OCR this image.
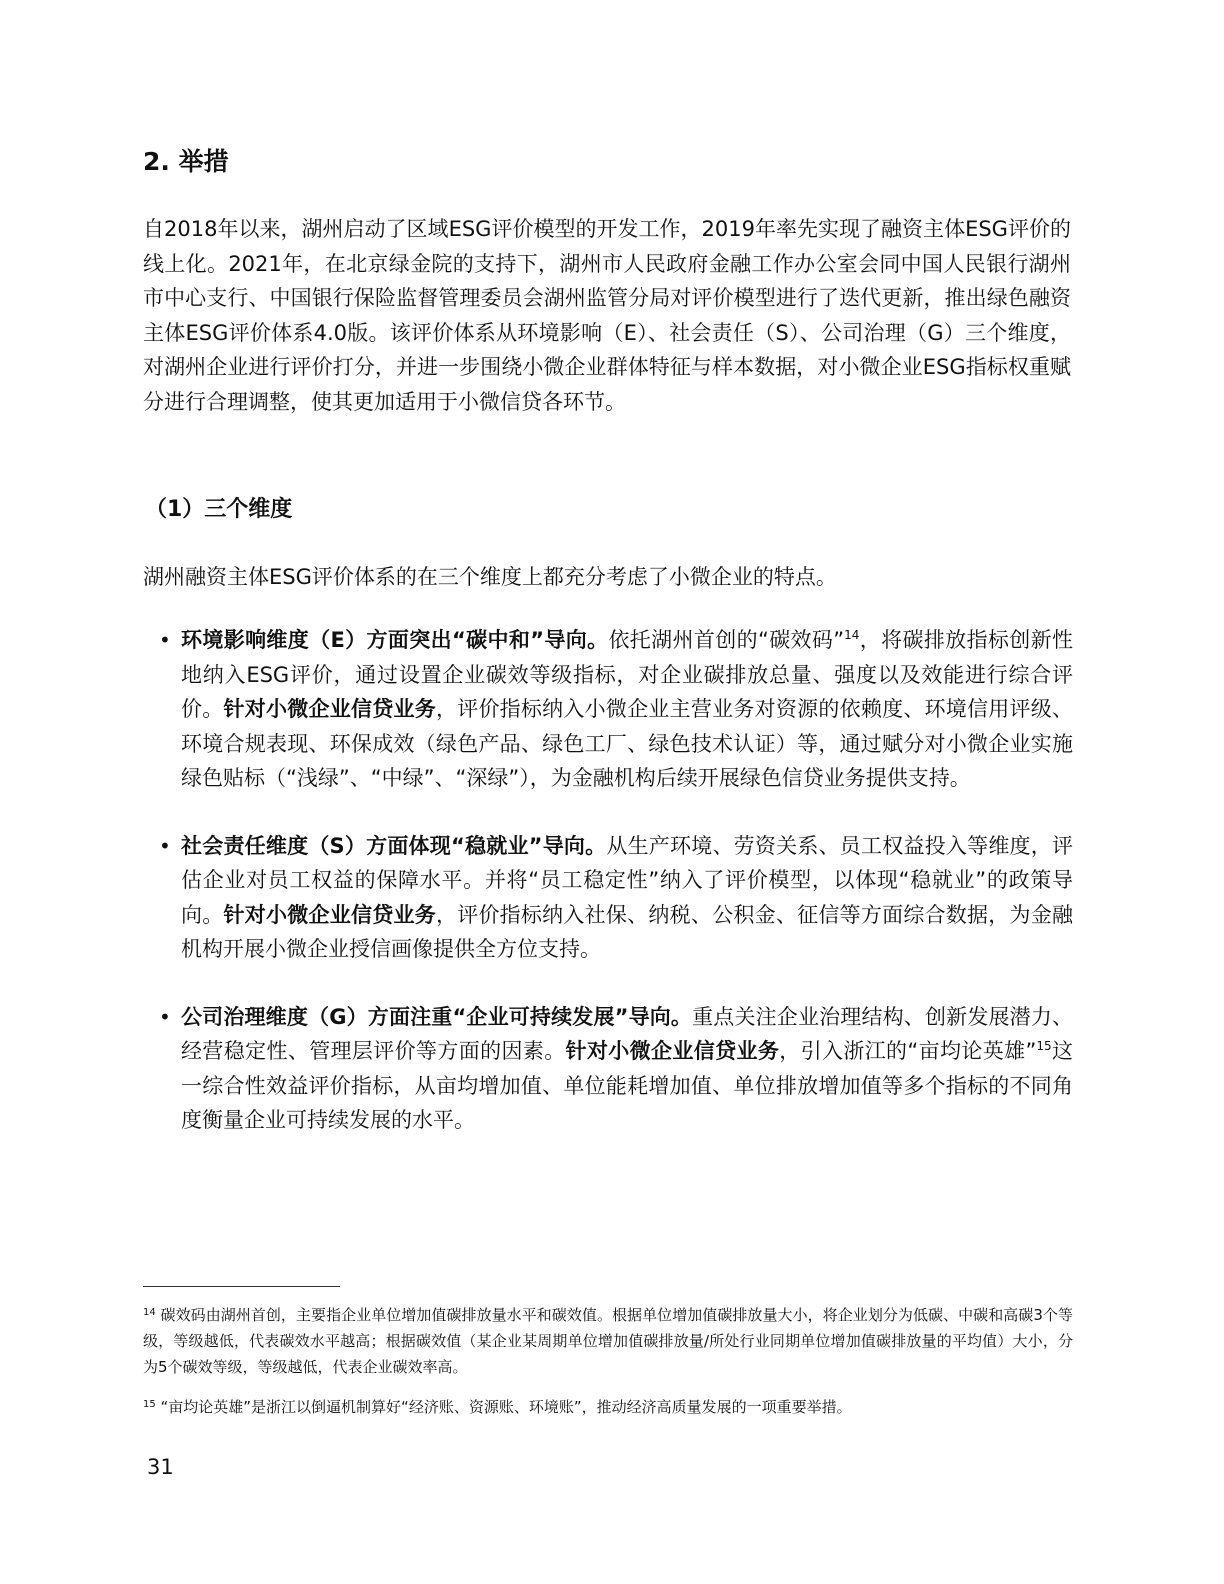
2. 举措

自2018年以来，湖州启动了区域ESG评价模型的开发工作，2019年率先实现了融资主体ESG评价的线上化。2021年，在北京绿金院的支持下，湖州市人民政府金融工作办公室会同中国人民银行湖州市中心支行、中国银行保险监督管理委员会湖州监管分局对评价模型进行了迭代更新，推出绿色融资主体ESG评价体系4.0版。该评价体系从环境影响（E）、社会责任（S）、公司治理（G）三个维度，对湖州企业进行评价打分，并进一步围绕小微企业群体特征与样本数据，对小微企业ESG指标权重赋分进行合理调整，使其更加适用于小微信贷各环节。

（1）三个维度

湖州融资主体ESG评价体系的在三个维度上都充分考虑了小微企业的特点。

• 环境影响维度（E）方面突出“碳中和”导向。依托湖州首创的“碳效码”$^{14}$，将碳排放指标创新性地纳入ESG评价，通过设置企业碳效等级指标，对企业碳排放总量、强度以及效能进行综合评价。针对小微企业信贷业务，评价指标纳入小微企业主营业务对资源的依赖度、环境信用评级、环境合规表现、环保成效（绿色产品、绿色工厂、绿色技术认证）等，通过赋分对小微企业实施绿色贴标（“浅绿”、“中绿”、“深绿”），为金融机构后续开展绿色信贷业务提供支持。
• 社会责任维度（S）方面体现“稳就业”导向。从生产环境、劳资关系、员工权益投入等维度，评估企业对员工权益的保障水平。并将“员工稳定性”纳入了评价模型，以体现“稳就业”的政策导向。针对小微企业信贷业务，评价指标纳入社保、纳税、公积金、征信等方面综合数据，为金融机构开展小微企业授信画像提供全方位支持。
• 公司治理维度（G）方面注重“企业可持续发展”导向。重点关注企业治理结构、创新发展潜力、经营稳定性、管理层评价等方面的因素。针对小微企业信贷业务，引入浙江的“亩均论英雄”$^{15}$这一综合性效益评价指标，从亩均增加值、单位能耗增加值、单位排放增加值等多个指标的不同角度衡量企业可持续发展的水平。

$^{14}$ 碳效码由湖州首创，主要指企业单位增加值碳排放量水平和碳效值。根据单位增加值碳排放量大小，将企业划分为低碳、中碳和高碳3个等级，等级越低，代表碳效水平越高；根据碳效值（某企业某周期单位增加值碳排放量/所处行业同期单位增加值碳排放量的平均值）大小，分为5个碳效等级，等级越低，代表企业碳效率高。

$^{15}$ “亩均论英雄”是浙江以倒逼机制算好“经济账、资源账、环境账”，推动经济高质量发展的一项重要举措。

31
